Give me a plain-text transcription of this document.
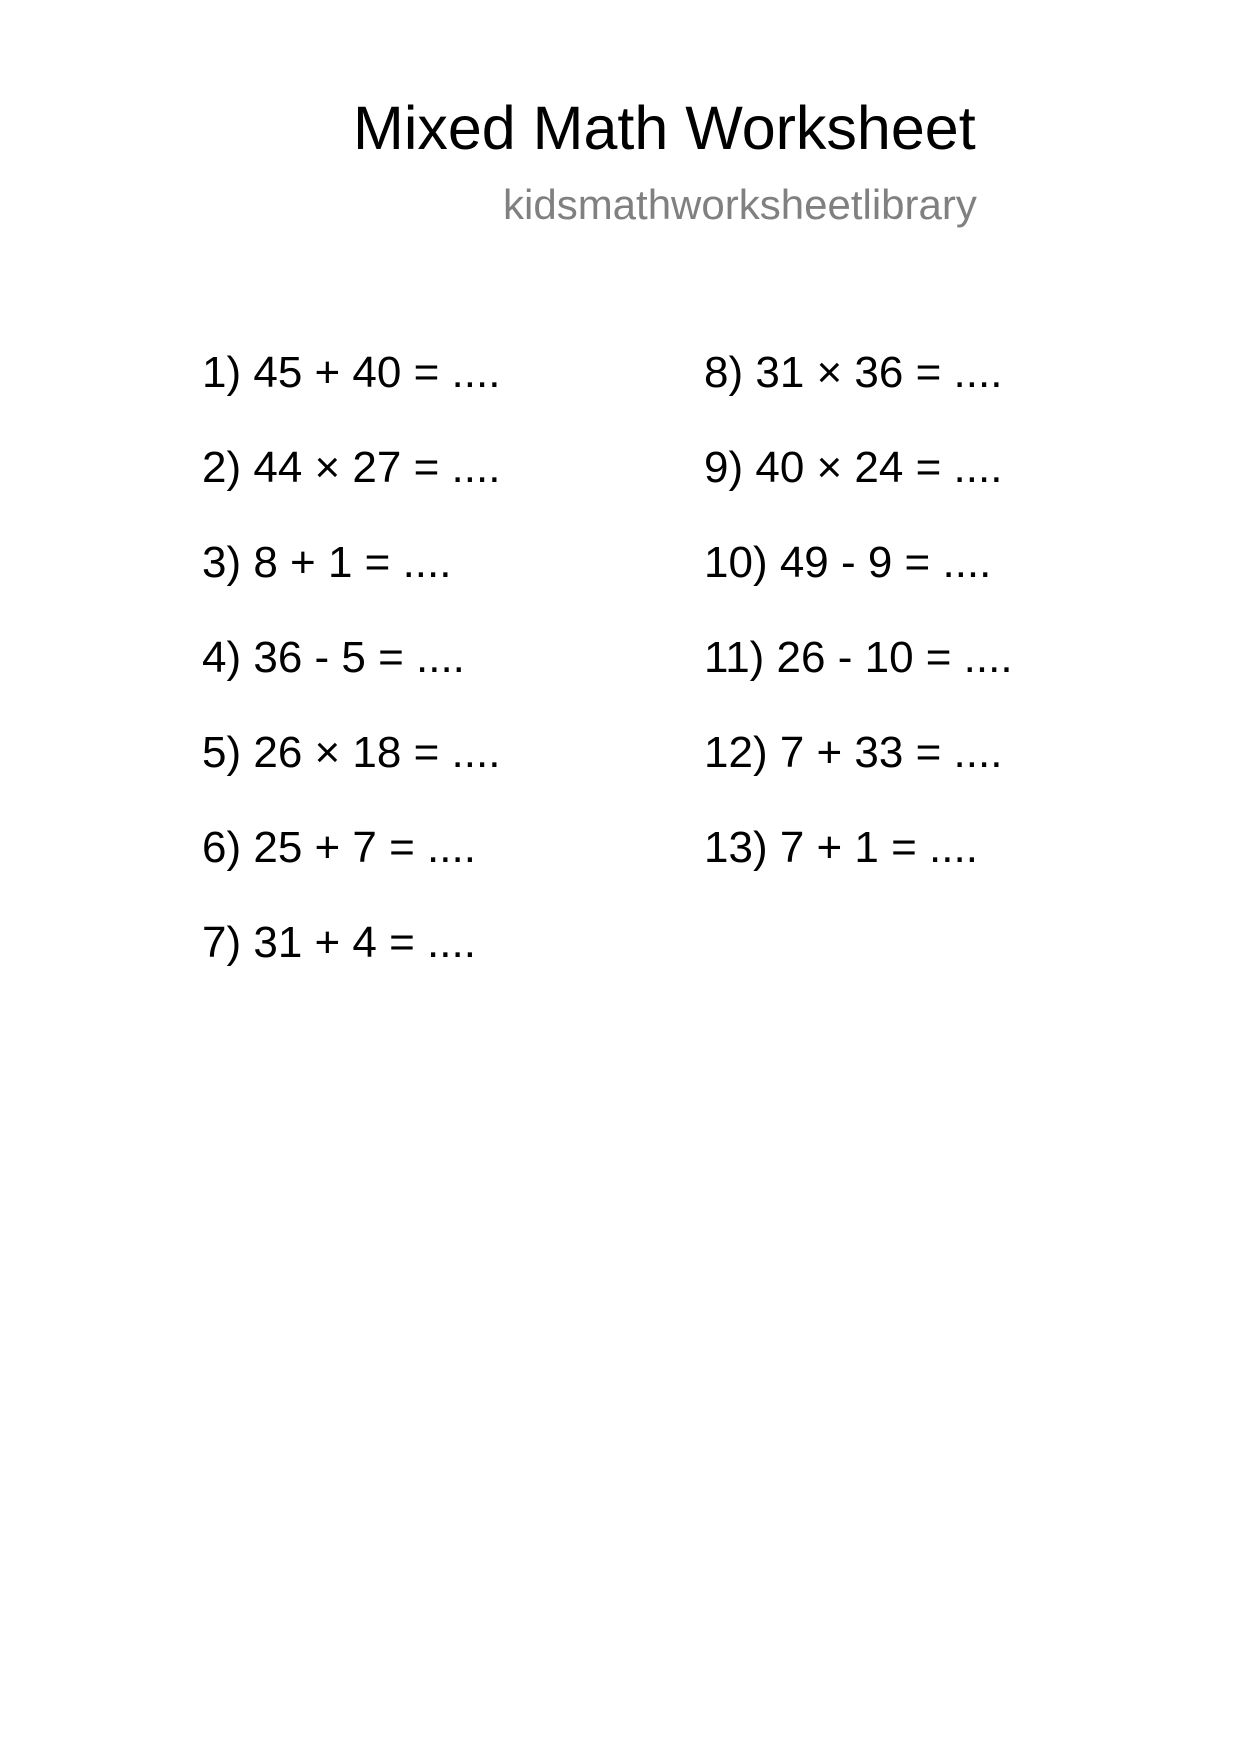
Mixed Math Worksheet
kidsmathworksheetlibrary
1) 45 + 40 = ....
2) 44 × 27 = ....
3) 8 + 1 = ....
4) 36 - 5 = ....
5) 26 × 18 = ....
6) 25 + 7 = ....
7) 31 + 4 = ....
8) 31 × 36 = ....
9) 40 × 24 = ....
10) 49 - 9 = ....
11) 26 - 10 = ....
12) 7 + 33 = ....
13) 7 + 1 = ....
